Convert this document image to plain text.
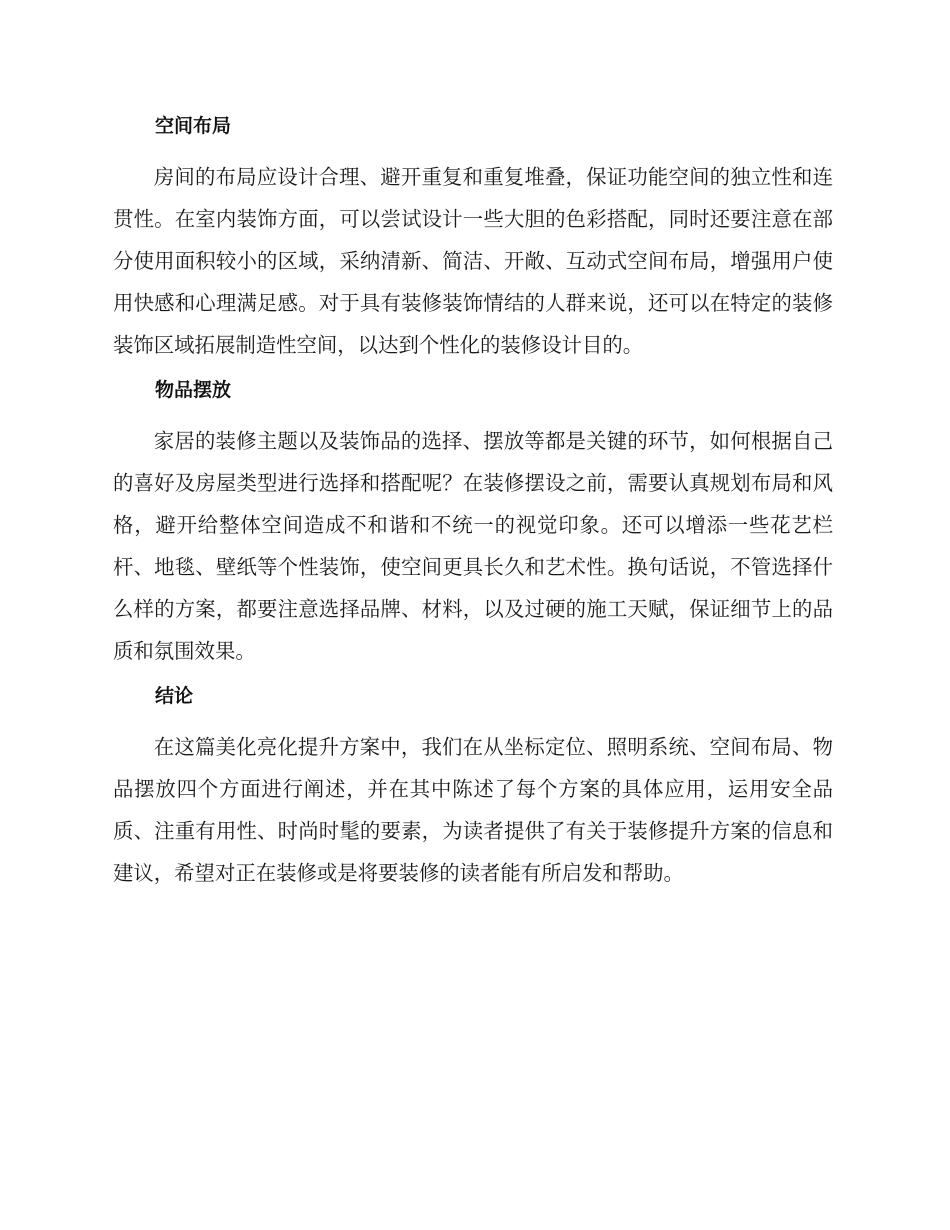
空间布局

房间的布局应设计合理、避开重复和重复堆叠，保证功能空间的独立性和连贯性。在室内装饰方面，可以尝试设计一些大胆的色彩搭配，同时还要注意在部分使用面积较小的区域，采纳清新、简洁、开敞、互动式空间布局，增强用户使用快感和心理满足感。对于具有装修装饰情结的人群来说，还可以在特定的装修装饰区域拓展制造性空间，以达到个性化的装修设计目的。

物品摆放

家居的装修主题以及装饰品的选择、摆放等都是关键的环节，如何根据自己的喜好及房屋类型进行选择和搭配呢？在装修摆设之前，需要认真规划布局和风格，避开给整体空间造成不和谐和不统一的视觉印象。还可以增添一些花艺栏杆、地毯、壁纸等个性装饰，使空间更具长久和艺术性。换句话说，不管选择什么样的方案，都要注意选择品牌、材料，以及过硬的施工天赋，保证细节上的品质和氛围效果。

结论

在这篇美化亮化提升方案中，我们在从坐标定位、照明系统、空间布局、物品摆放四个方面进行阐述，并在其中陈述了每个方案的具体应用，运用安全品质、注重有用性、时尚时髦的要素，为读者提供了有关于装修提升方案的信息和建议，希望对正在装修或是将要装修的读者能有所启发和帮助。
